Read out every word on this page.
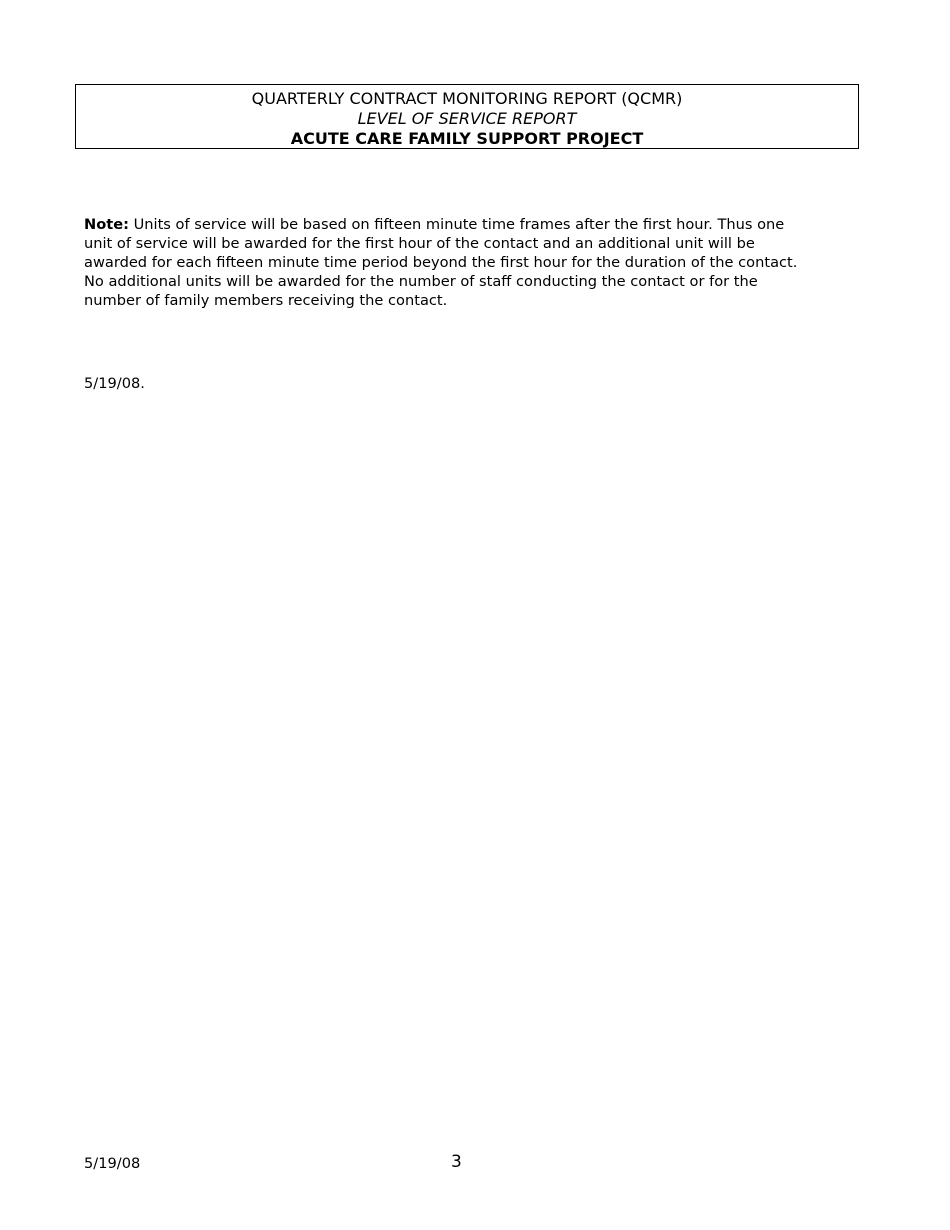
QUARTERLY CONTRACT MONITORING REPORT (QCMR)
LEVEL OF SERVICE REPORT
ACUTE CARE FAMILY SUPPORT PROJECT
Note: Units of service will be based on fifteen minute time frames after the first hour. Thus one
unit of service will be awarded for the first hour of the contact and an additional unit will be
awarded for each fifteen minute time period beyond the first hour for the duration of the contact.
No additional units will be awarded for the number of staff conducting the contact or for the
number of family members receiving the contact.
5/19/08.
5/19/08	3
